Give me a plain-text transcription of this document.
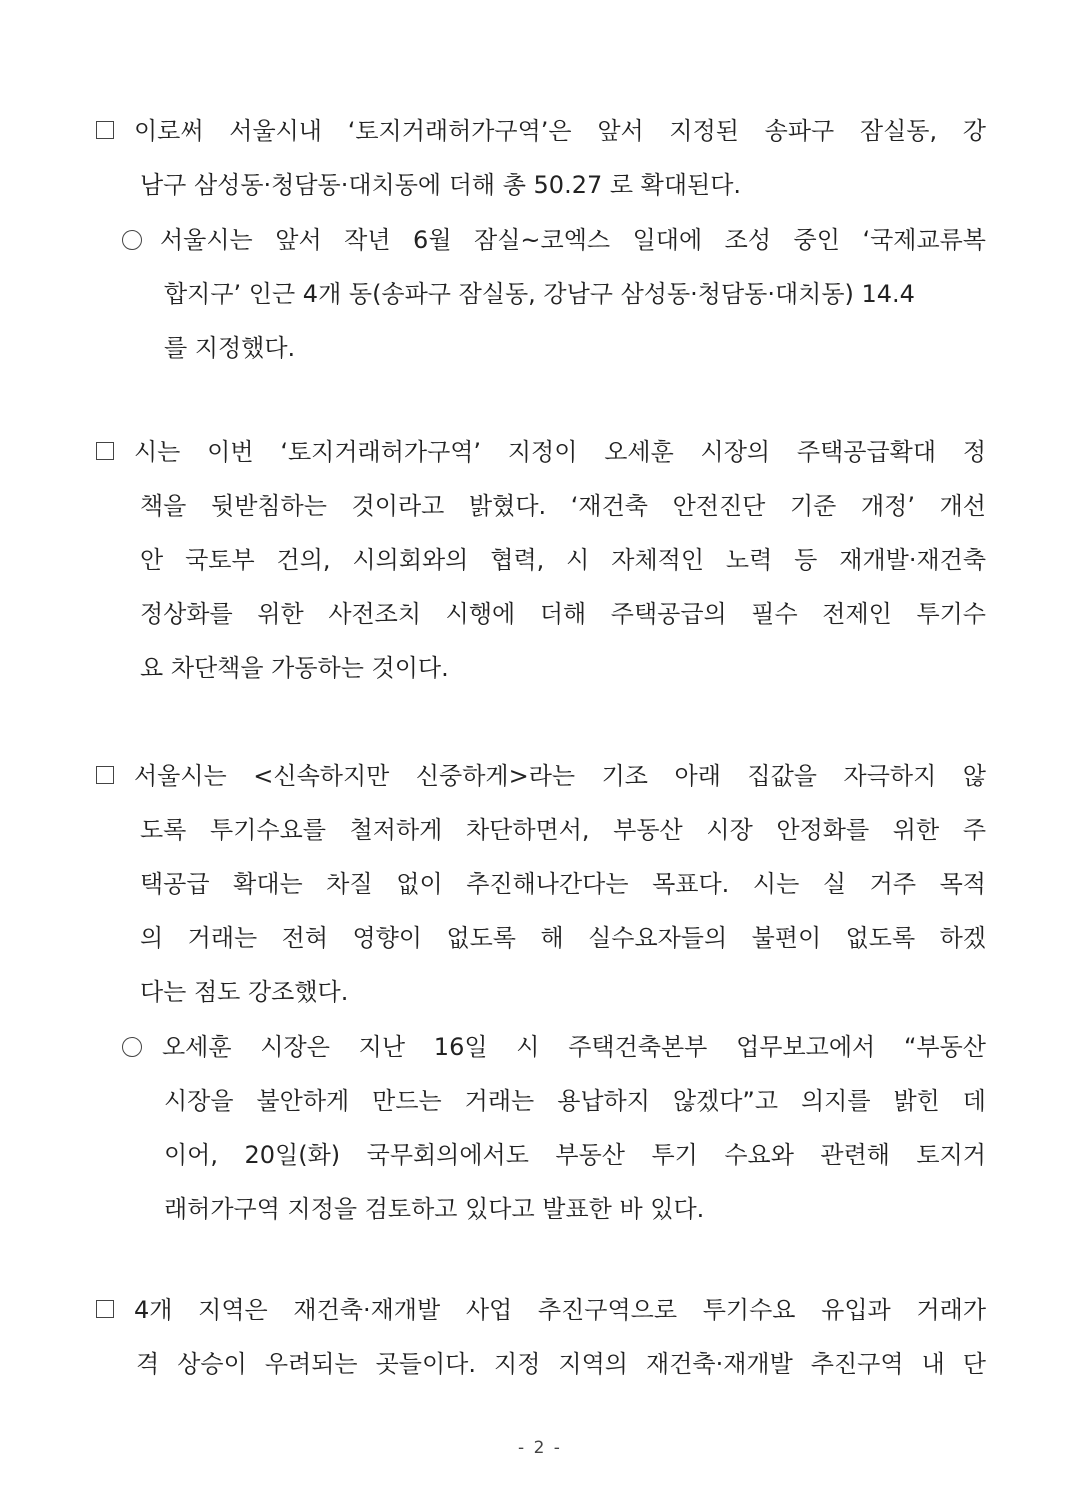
이로써 서울시내 ‘토지거래허가구역’은 앞서 지정된 송파구 잠실동, 강
남구 삼성동·청담동·대치동에 더해 총 50.27 로 확대된다.
서울시는 앞서 작년 6월 잠실~코엑스 일대에 조성 중인 ‘국제교류복
합지구’ 인근 4개 동(송파구 잠실동, 강남구 삼성동·청담동·대치동) 14.4
를 지정했다.
시는 이번 ‘토지거래허가구역’ 지정이 오세훈 시장의 주택공급확대 정
책을 뒷받침하는 것이라고 밝혔다. ‘재건축 안전진단 기준 개정’ 개선
안 국토부 건의, 시의회와의 협력, 시 자체적인 노력 등 재개발·재건축
정상화를 위한 사전조치 시행에 더해 주택공급의 필수 전제인 투기수
요 차단책을 가동하는 것이다.
서울시는 <신속하지만 신중하게>라는 기조 아래 집값을 자극하지 않
도록 투기수요를 철저하게 차단하면서, 부동산 시장 안정화를 위한 주
택공급 확대는 차질 없이 추진해나간다는 목표다. 시는 실 거주 목적
의 거래는 전혀 영향이 없도록 해 실수요자들의 불편이 없도록 하겠
다는 점도 강조했다.
오세훈 시장은 지난 16일 시 주택건축본부 업무보고에서 “부동산
시장을 불안하게 만드는 거래는 용납하지 않겠다”고 의지를 밝힌 데
이어, 20일(화) 국무회의에서도 부동산 투기 수요와 관련해 토지거
래허가구역 지정을 검토하고 있다고 발표한 바 있다.
4개 지역은 재건축·재개발 사업 추진구역으로 투기수요 유입과 거래가
격 상승이 우려되는 곳들이다. 지정 지역의 재건축·재개발 추진구역 내 단
- 2 -
